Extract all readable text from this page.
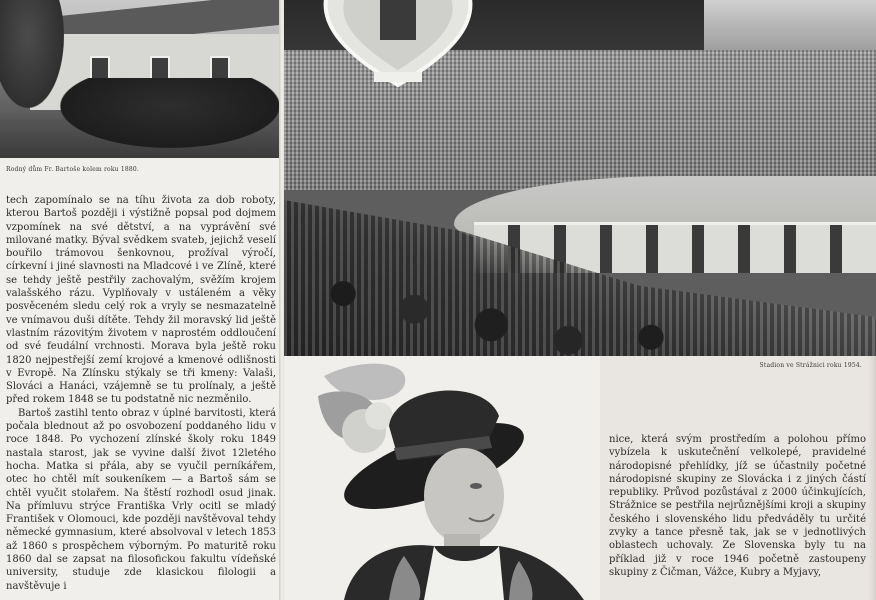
Rodný dům Fr. Bartoše kolem roku 1880.

tech zapomínalo se na tíhu života za dob roboty, kterou Bartoš později i výstižně popsal pod dojmem vzpomínek na své dětství, a na vyprávění své milované matky. Býval svědkem svateb, jejichž veselí bouřilo trámovou šenkovnou, prožíval výročí, církevní i jiné slavnosti na Mladcové i ve Zlíně, které se tehdy ještě pestřily zachovalým, svěžím krojem valašského rázu. Vyplňovaly v ustáleném a věky posvěceném sledu celý rok a vryly se nesmazatelně ve vnímavou duši dítěte. Tehdy žil moravský lid ještě vlastním rázovitým životem v naprostém oddloučení od své feudální vrchnosti. Morava byla ještě roku 1820 nejpestřejší zemí krojové a kmenové odlišnosti v Evropě. Na Zlínsku stýkaly se tři kmeny: Valaši, Slováci a Hanáci, vzájemně se tu prolínaly, a ještě před rokem 1848 se tu podstatně nic nezměnilo.

Bartoš zastihl tento obraz v úplné barvitosti, která počala blednout až po osvobození poddaného lidu v roce 1848. Po vychození zlínské školy roku 1849 nastala starost, jak se vyvine další život 12letého hocha. Matka si přála, aby se vyučil perníkářem, otec ho chtěl mít soukeníkem — a Bartoš sám se chtěl vyučit stolařem. Na štěstí rozhodl osud jinak. Na přímluvu strýce Františka Vrly ocitl se mladý František v Olomouci, kde později navštěvoval tehdy německé gymnasium, které absolvoval v letech 1853 až 1860 s prospěchem výborným. Po maturitě roku 1860 dal se zapsat na filosofickou fakultu vídeňské university, studuje zde klasickou filologii a navštěvuje i

Stadion ve Strážnici roku 1954.

nice, která svým prostředím a polohou přímo vybízela k uskutečnění velkolepé, pravidelné národopisné přehlídky, jíž se účastnily početné národopisné skupiny ze Slovácka i z jiných částí republiky. Průvod pozůstával z 2000 účinkujících, Strážnice se pestřila nejrůznějšími kroji a skupiny českého i slovenského lidu předváděly tu určité zvyky a tance přesně tak, jak se v jednotlivých oblastech uchovaly. Ze Slovenska byly tu na příklad již v roce 1946 početně zastoupeny skupiny z Čičman, Vážce, Kubry a Myjavy,
